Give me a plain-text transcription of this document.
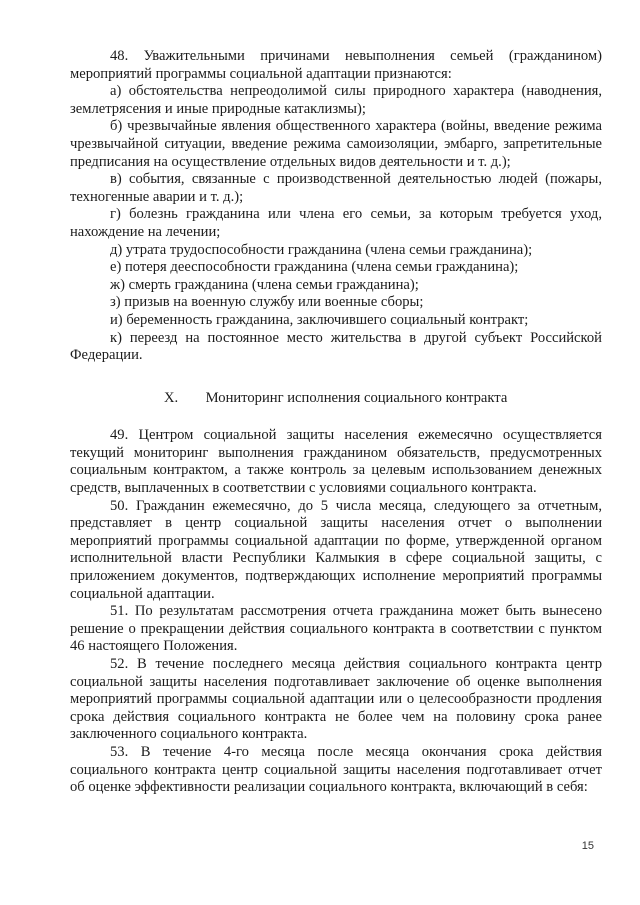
48. Уважительными причинами невыполнения семьей (гражданином) мероприятий программы социальной адаптации признаются:

а) обстоятельства непреодолимой силы природного характера (наводнения, землетрясения и иные природные катаклизмы);

б) чрезвычайные явления общественного характера (войны, введение режима чрезвычайной ситуации, введение режима самоизоляции, эмбарго, запретительные предписания на осуществление отдельных видов деятельности и т. д.);

в) события, связанные с производственной деятельностью людей (пожары, техногенные аварии и т. д.);

г) болезнь гражданина или члена его семьи, за которым требуется уход, нахождение на лечении;

д) утрата трудоспособности гражданина (члена семьи гражданина);

е) потеря дееспособности гражданина (члена семьи гражданина);

ж) смерть гражданина (члена семьи гражданина);

з) призыв на военную службу или военные сборы;

и) беременность гражданина, заключившего социальный контракт;

к) переезд на постоянное место жительства в другой субъект Российской Федерации.

X. Мониторинг исполнения социального контракта

49. Центром социальной защиты населения ежемесячно осуществляется текущий мониторинг выполнения гражданином обязательств, предусмотренных социальным контрактом, а также контроль за целевым использованием денежных средств, выплаченных в соответствии с условиями социального контракта.

50. Гражданин ежемесячно, до 5 числа месяца, следующего за отчетным, представляет в центр социальной защиты населения отчет о выполнении мероприятий программы социальной адаптации по форме, утвержденной органом исполнительной власти Республики Калмыкия в сфере социальной защиты, с приложением документов, подтверждающих исполнение мероприятий программы социальной адаптации.

51. По результатам рассмотрения отчета гражданина может быть вынесено решение о прекращении действия социального контракта в соответствии с пунктом 46 настоящего Положения.

52. В течение последнего месяца действия социального контракта центр социальной защиты населения подготавливает заключение об оценке выполнения мероприятий программы социальной адаптации или о целесообразности продления срока действия социального контракта не более чем на половину срока ранее заключенного социального контракта.

53. В течение 4-го месяца после месяца окончания срока действия социального контракта центр социальной защиты населения подготавливает отчет об оценке эффективности реализации социального контракта, включающий в себя:

15
